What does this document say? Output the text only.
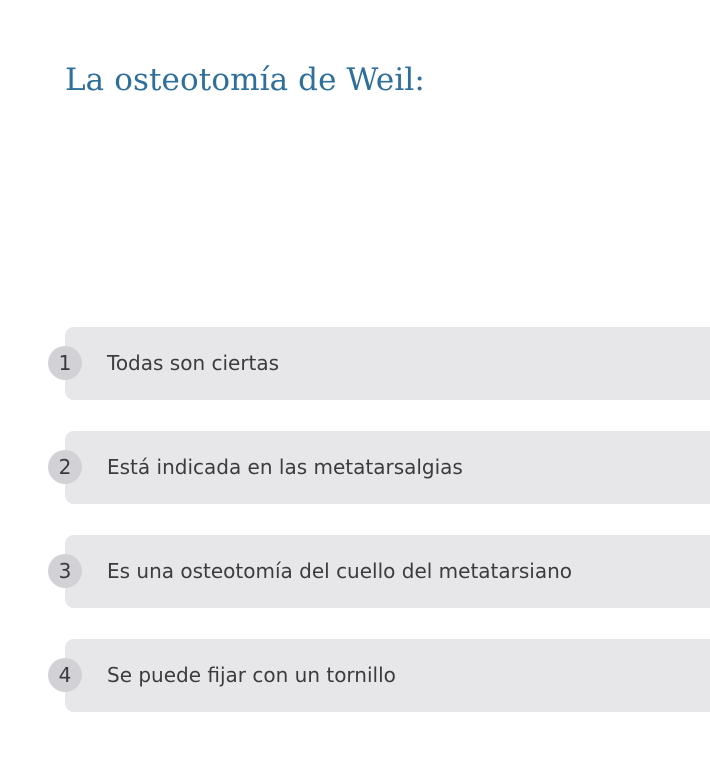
La osteotomía de Weil:
1	Todas son ciertas
2	Está indicada en las metatarsalgias
3	Es una osteotomía del cuello del metatarsiano
4	Se puede fijar con un tornillo
